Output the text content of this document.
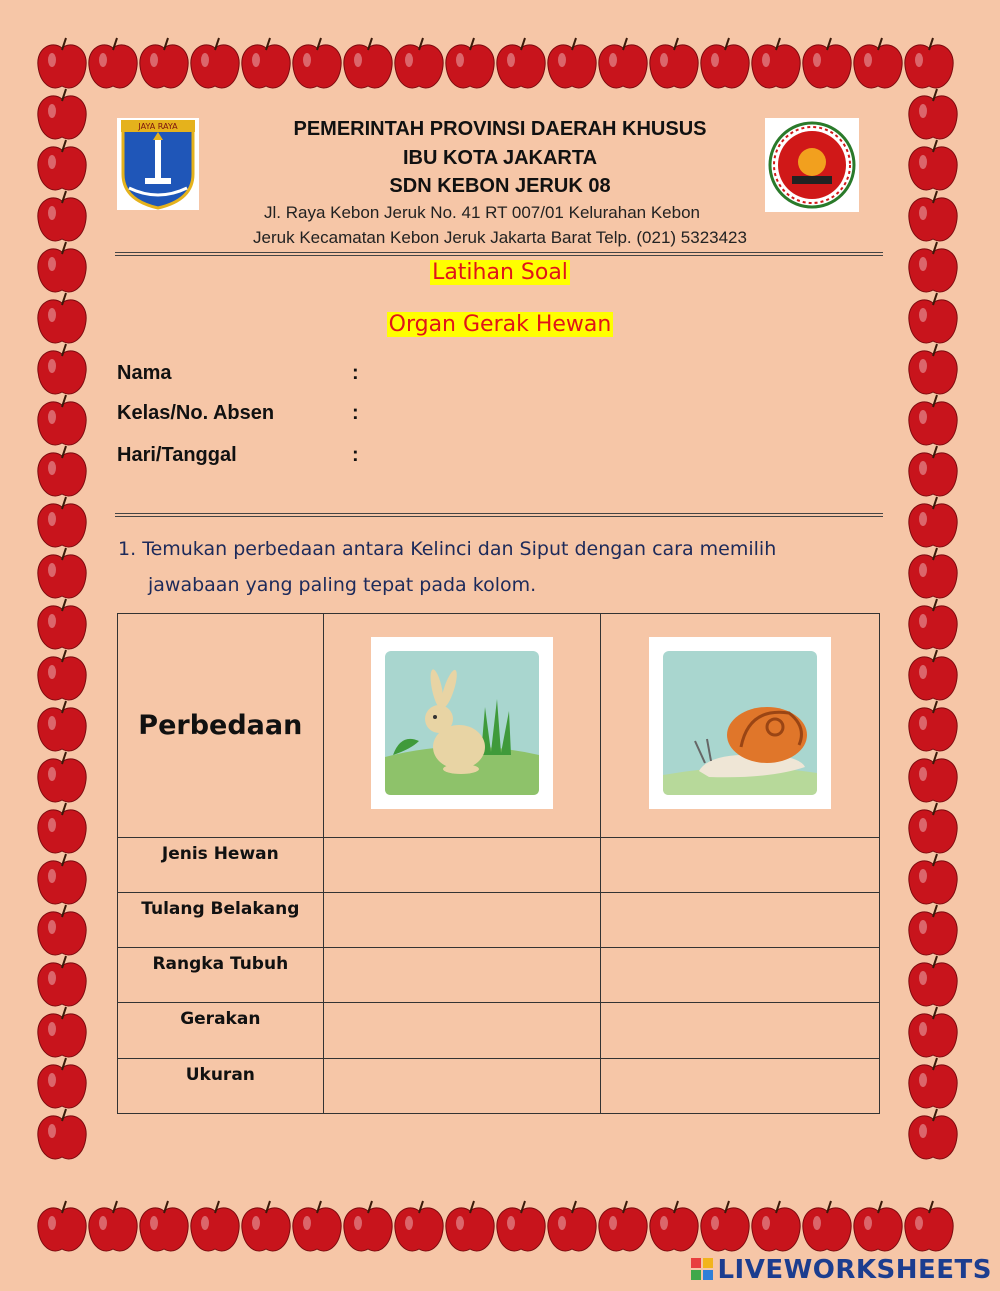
JAYA RAYA	PEMERINTAH PROVINSI DAERAH KHUSUS
IBU KOTA JAKARTA
SDN KEBON JERUK 08
Jl. Raya Kebon Jeruk No. 41 RT 007/01 Kelurahan Kebon
Jeruk Kecamatan Kebon Jeruk Jakarta Barat Telp. (021) 5323423
Latihan Soal
Organ Gerak Hewan
Nama	:
Kelas/No. Absen	:
Hari/Tanggal	:
1. Temukan perbedaan antara Kelinci dan Siput dengan cara memilih
jawabaan yang paling tepat pada kolom.
Perbedaan		
Jenis Hewan		
Tulang Belakang		
Rangka Tubuh		
Gerakan		
Ukuran		
LIVEWORKSHEETS
